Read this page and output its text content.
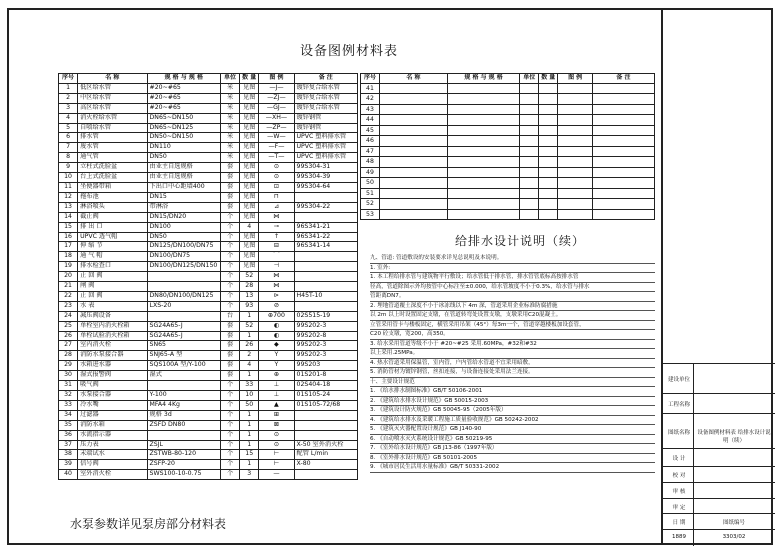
设备图例材料表
序号	名 称	规 格 与 规 格	单位	数 量	图 例	备 注
1	低区给水管	#20~#65	米	见图	—J—	镀锌复合给水管
2	中区给水管	#20~#65	米	见图	—ZJ—	镀锌复合给水管
3	高区给水管	#20~#65	米	见图	—GJ—	镀锌复合给水管
4	消火栓给水管	DN65~DN150	米	见图	—XH—	镀锌钢管
5	自喷给水管	DN65~DN125	米	见图	—ZP—	镀锌钢管
6	排水管	DN50~DN150	米	见图	—W—	UPVC 塑料排水管
7	废水管	DN110	米	见图	—F—	UPVC 塑料排水管
8	通气管	DN50	米	见图	—T—	UPVC 塑料排水管
9	立柱式洗脸盆	由业主自选规格	套	见图	⊙	99S304-31
10	台上式洗脸盆	由业主自选规格	套	见图	⊙	99S304-39
11	坐便器带箱	下出口中心距墙400	套	见图	⊡	99S304-64
12	拖布池	DN15	套	见图	⊓	
13	淋浴喷头	带淋浴	套	见图	⊿	99S304-22
14	截止阀	DN15/DN20	个	见图	⋈	
15	排 出 口	DN100	个	4	⊸	96S341-21
16	UPVC 透气帽	DN50	个	见图	↑	96S341-22
17	伸 缩 节	DN125/DN100/DN75	个	见图	⊟	96S341-14
18	通 气 帽	DN100/DN75	个	见图	⌒	
19	排水检查口	DN100/DN125/DN150	个	见图	⊣	
20	止 回 阀		个	52	⋈	
21	闸 阀		个	28	⋈	
22	止 回 阀	DN80/DN100/DN125	个	13	⊳	H45T-10
23	水 表	LXS-20	个	93	⊘	
24	减压阀设备		台	1	⊕700	02S515-19
25	单栓室内消火栓箱	SG24A65-J	套	52	◐	99S202-3
26	单栓试验消火栓箱	SG24A65-J	套	1	◐	99S202-8
27	室内消火栓	SN65	套	26	◆	99S202-3
28	消防水泵接合器	SNJ65-A 型	套	2	Y	99S202-3
29	水箱进水器	SQS100A 型/Y-100	套	4	Y	99S203
30	湿式报警阀	湿式	套	1	⊕	01S201-8
31	吸气阀		个	33	⊥	02S404-18
32	水泵接合器	Y-100	个	10	⊥	01S105-24
33	冷水嘴	MFA4 4Kg	个	50	▲	01S105-72/68
34	过滤器	规格 3d	个	1	⊞	
35	消防水箱	ZSFD DN80	个	1	⊠	
36	水流指示器		个	1	⊙	
37	压力表	ZSJL	个	1	⊙	X-50 室外消火栓
38	末端试水	ZSTWB-80-120	个	15	⊢	配管 L/min
39	信号阀	ZSFP-20	个	1	⊢	X-80
40	室外消火栓	SWS100-10-0.75	个	3	—	
序号	名 称	规 格 与 规 格	单位	数 量	图 例	备 注
41						
42						
43						
44						
45						
46						
47						
48						
49						
50						
51						
52						
53						
给排水设计说明（续）
九、管道: 管道敷设的安装要求详见总说明及本说明。
1. 室外:
1. 本工程给排水管与建筑物平行敷设；给水管低于排水管，排水管管底标高按排水管
径高，管道除图示外均按管中心标注至±0.000，给水管坡度不小于0.3%，给水管与排水
管距离DN7。
2. 埋地管道覆土深度不小于冰冻线以下 4m 深，管道采用企业标准防腐措施
以 2m 以上时设置固定支墩，在管道转弯处设置支墩，支墩采用C20混凝土。
立管采用管卡与楼板固定，横管采用吊架（45°）每3m一个，管道穿越楼板加设套管，
C20 砼支墩，宽200，高350。
3. 给水采用管道等级不小于 #20~#25 采用.60MPa，#32和#32
以上采用.25MPa。
4. 热水管道采用保温管，室内管，户内管给水管道不宜采用暗敷，
5. 消防管材为镀锌钢管，丝扣连接，与设备连接处采用法兰连接。
十、主要设计规范
1. 《给水排水制图标准》GB/T 50106-2001
2. 《建筑给水排水设计规范》GB 50015-2003
3. 《建筑设计防火规范》GB 50045-95（2005年版）
4. 《建筑给水排水及采暖工程施工质量验收规范》GB 50242-2002
5. 《建筑灭火器配置设计规范》GB J140-90
6. 《自动喷水灭火系统设计规范》GB 50219-95
7. 《室外给水设计规范》GB J13-86（1997年版）
8. 《室外排水设计规范》GB 50101-2005
9. 《城市居民生活用水量标准》GB/T 50331-2002
水泵参数详见泵房部分材料表
建设单位
工程名称
图纸名称	设备图例材料表 给排水设计说明（续）
设 计
校 对
审 核
审 定
日 期	图纸编号
1889	3303/02
